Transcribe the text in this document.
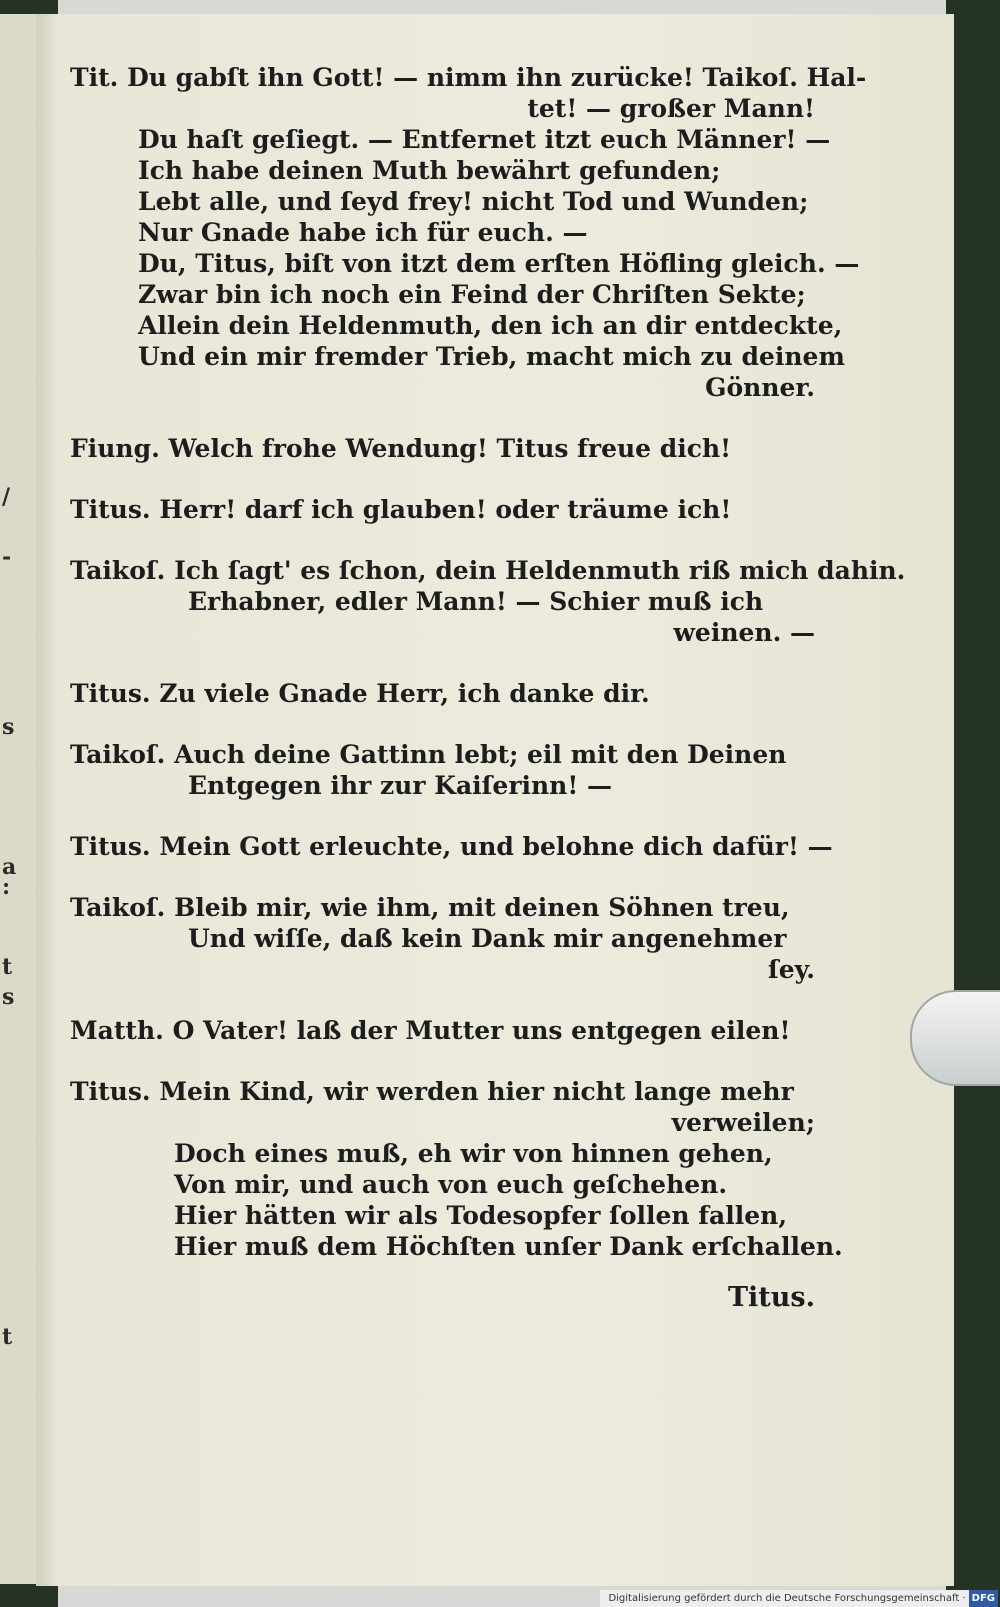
/
-
s
a
:
t
s
t
Tit. Du gabſt ihn Gott! — nimm ihn zurücke! Taikoſ. Hal-
tet! — großer Mann!
Du haſt geſiegt. — Entfernet itzt euch Männer! —
Ich habe deinen Muth bewährt gefunden;
Lebt alle, und ſeyd frey! nicht Tod und Wunden;
Nur Gnade habe ich für euch. —
Du, Titus, biſt von itzt dem erſten Höfling gleich. —
Zwar bin ich noch ein Feind der Chriſten Sekte;
Allein dein Heldenmuth, den ich an dir entdeckte,
Und ein mir fremder Trieb, macht mich zu deinem
Gönner.
Fiung. Welch frohe Wendung! Titus freue dich!
Titus. Herr! darf ich glauben! oder träume ich!
Taikoſ. Ich ſagt' es ſchon, dein Heldenmuth riß mich dahin.
Erhabner, edler Mann! — Schier muß ich
weinen. —
Titus. Zu viele Gnade Herr, ich danke dir.
Taikoſ. Auch deine Gattinn lebt; eil mit den Deinen
Entgegen ihr zur Kaiſerinn! —
Titus. Mein Gott erleuchte, und belohne dich dafür! —
Taikoſ. Bleib mir, wie ihm, mit deinen Söhnen treu,
Und wiſſe, daß kein Dank mir angenehmer
ſey.
Matth. O Vater! laß der Mutter uns entgegen eilen!
Titus. Mein Kind, wir werden hier nicht lange mehr
verweilen;
Doch eines muß, eh wir von hinnen gehen,
Von mir, und auch von euch geſchehen.
Hier hätten wir als Todesopfer ſollen fallen,
Hier muß dem Höchſten unſer Dank erſchallen.
Titus.
Digitalisierung gefördert durch die Deutsche Forschungsgemeinschaft · DFG
